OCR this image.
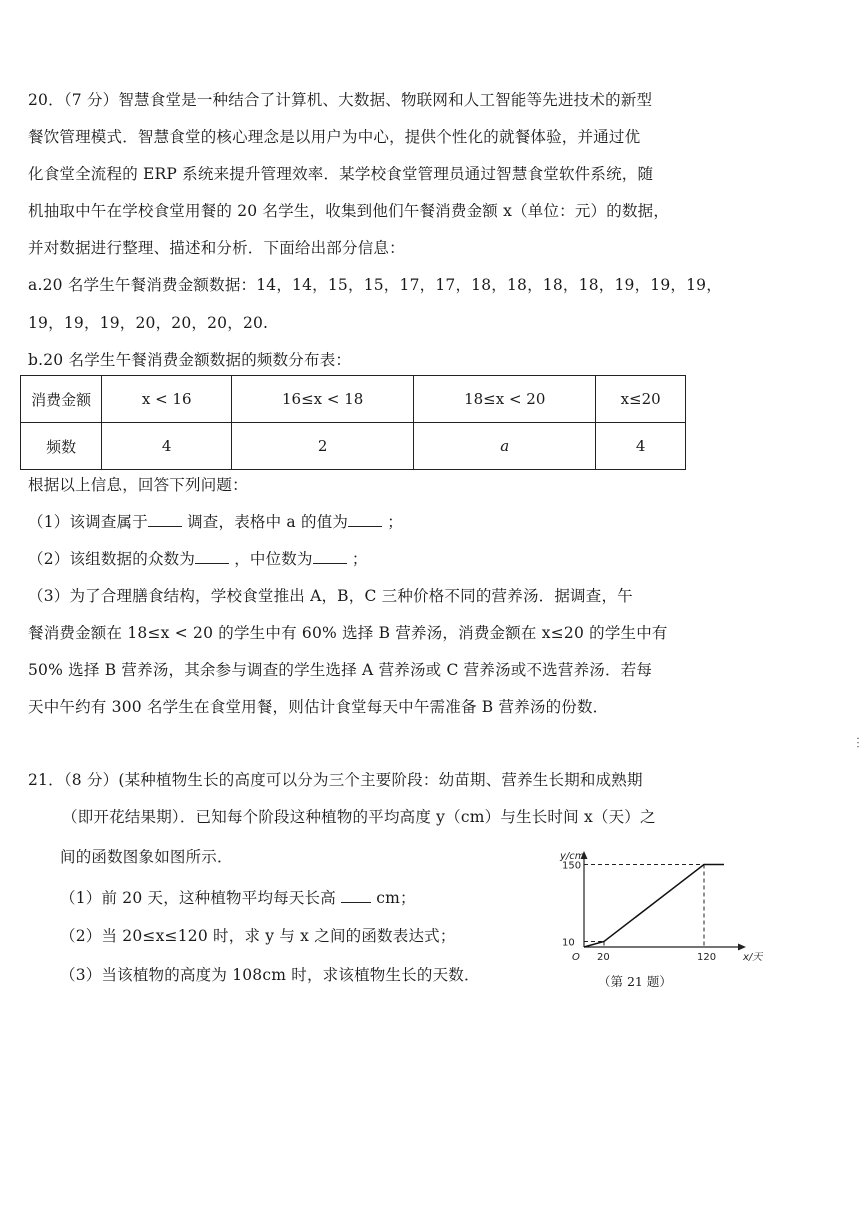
20．（7 分）智慧食堂是一种结合了计算机、大数据、物联网和人工智能等先进技术的新型
餐饮管理模式．智慧食堂的核心理念是以用户为中心，提供个性化的就餐体验，并通过优
化食堂全流程的 ERP 系统来提升管理效率．某学校食堂管理员通过智慧食堂软件系统，随
机抽取中午在学校食堂用餐的 20 名学生，收集到他们午餐消费金额 x（单位：元）的数据，
并对数据进行整理、描述和分析．下面给出部分信息：
a.20 名学生午餐消费金额数据：14，14，15，15，17，17，18，18，18，18，19，19，19，
19，19，19，20，20，20，20.
b.20 名学生午餐消费金额数据的频数分布表：
消费金额	x < 16	16≤x < 18	18≤x < 20	x≤20
频数	4	2	a	4
根据以上信息，回答下列问题：
（1）该调查属于	调查，表格中 a 的值为	；
（2）该组数据的众数为	，中位数为	；
（3）为了合理膳食结构，学校食堂推出 A，B，C 三种价格不同的营养汤．据调查，午
餐消费金额在 18≤x < 20 的学生中有 60% 选择 B 营养汤，消费金额在 x≤20 的学生中有
50% 选择 B 营养汤，其余参与调查的学生选择 A 营养汤或 C 营养汤或不选营养汤．若每
天中午约有 300 名学生在食堂用餐，则估计食堂每天中午需准备 B 营养汤的份数．
21．（8 分）(某种植物生长的高度可以分为三个主要阶段：幼苗期、营养生长期和成熟期
（即开花结果期）．已知每个阶段这种植物的平均高度 y（cm）与生长时间 x（天）之
间的函数图象如图所示．
（1）前 20 天，这种植物平均每天长高	cm；
（2）当 20≤x≤120 时，求 y 与 x 之间的函数表达式；
（3）当该植物的高度为 108cm 时，求该植物生长的天数．
x/天
y/cm
O 20	120
10
150
（第 21 题）
︙
